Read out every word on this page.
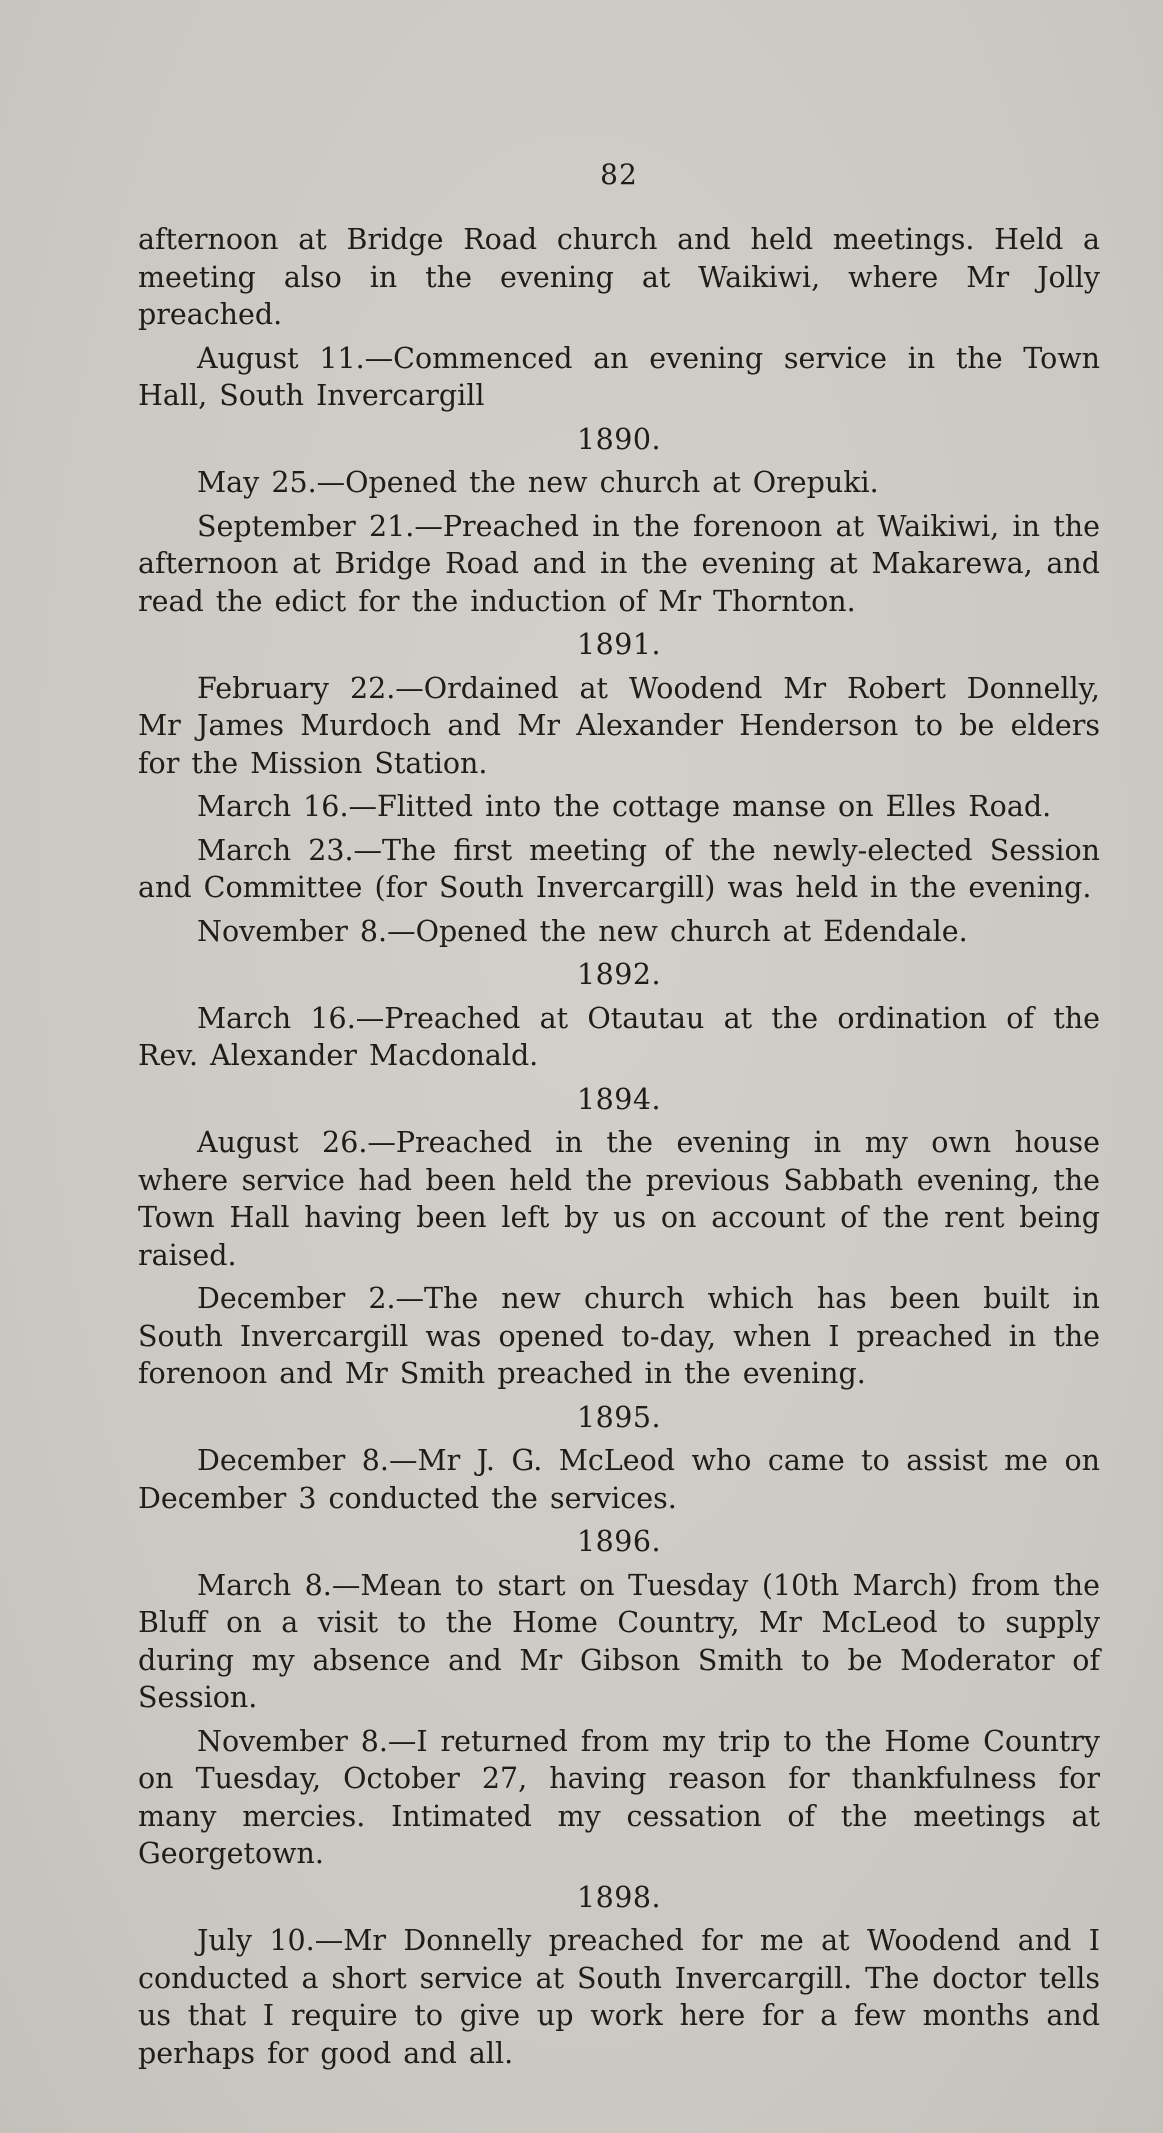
82

afternoon at Bridge Road church and held meetings. Held a meeting also in the evening at Waikiwi, where Mr Jolly preached.

August 11.—Commenced an evening service in the Town Hall, South Invercargill

1890.

May 25.—Opened the new church at Orepuki.

September 21.—Preached in the forenoon at Waikiwi, in the afternoon at Bridge Road and in the evening at Makarewa, and read the edict for the induction of Mr Thornton.

1891.

February 22.—Ordained at Woodend Mr Robert Donnelly, Mr James Murdoch and Mr Alexander Henderson to be elders for the Mission Station.

March 16.—Flitted into the cottage manse on Elles Road.

March 23.—The first meeting of the newly-elected Session and Committee (for South Invercargill) was held in the evening.

November 8.—Opened the new church at Edendale.

1892.

March 16.—Preached at Otautau at the ordination of the Rev. Alexander Macdonald.

1894.

August 26.—Preached in the evening in my own house where service had been held the previous Sabbath evening, the Town Hall having been left by us on account of the rent being raised.

December 2.—The new church which has been built in South Invercargill was opened to-day, when I preached in the forenoon and Mr Smith preached in the evening.

1895.

December 8.—Mr J. G. McLeod who came to assist me on December 3 conducted the services.

1896.

March 8.—Mean to start on Tuesday (10th March) from the Bluff on a visit to the Home Country, Mr McLeod to supply during my absence and Mr Gibson Smith to be Moderator of Session.

November 8.—I returned from my trip to the Home Country on Tuesday, October 27, having reason for thankfulness for many mercies. Intimated my cessation of the meetings at Georgetown.

1898.

July 10.—Mr Donnelly preached for me at Woodend and I conducted a short service at South Invercargill. The doctor tells us that I require to give up work here for a few months and perhaps for good and all.
